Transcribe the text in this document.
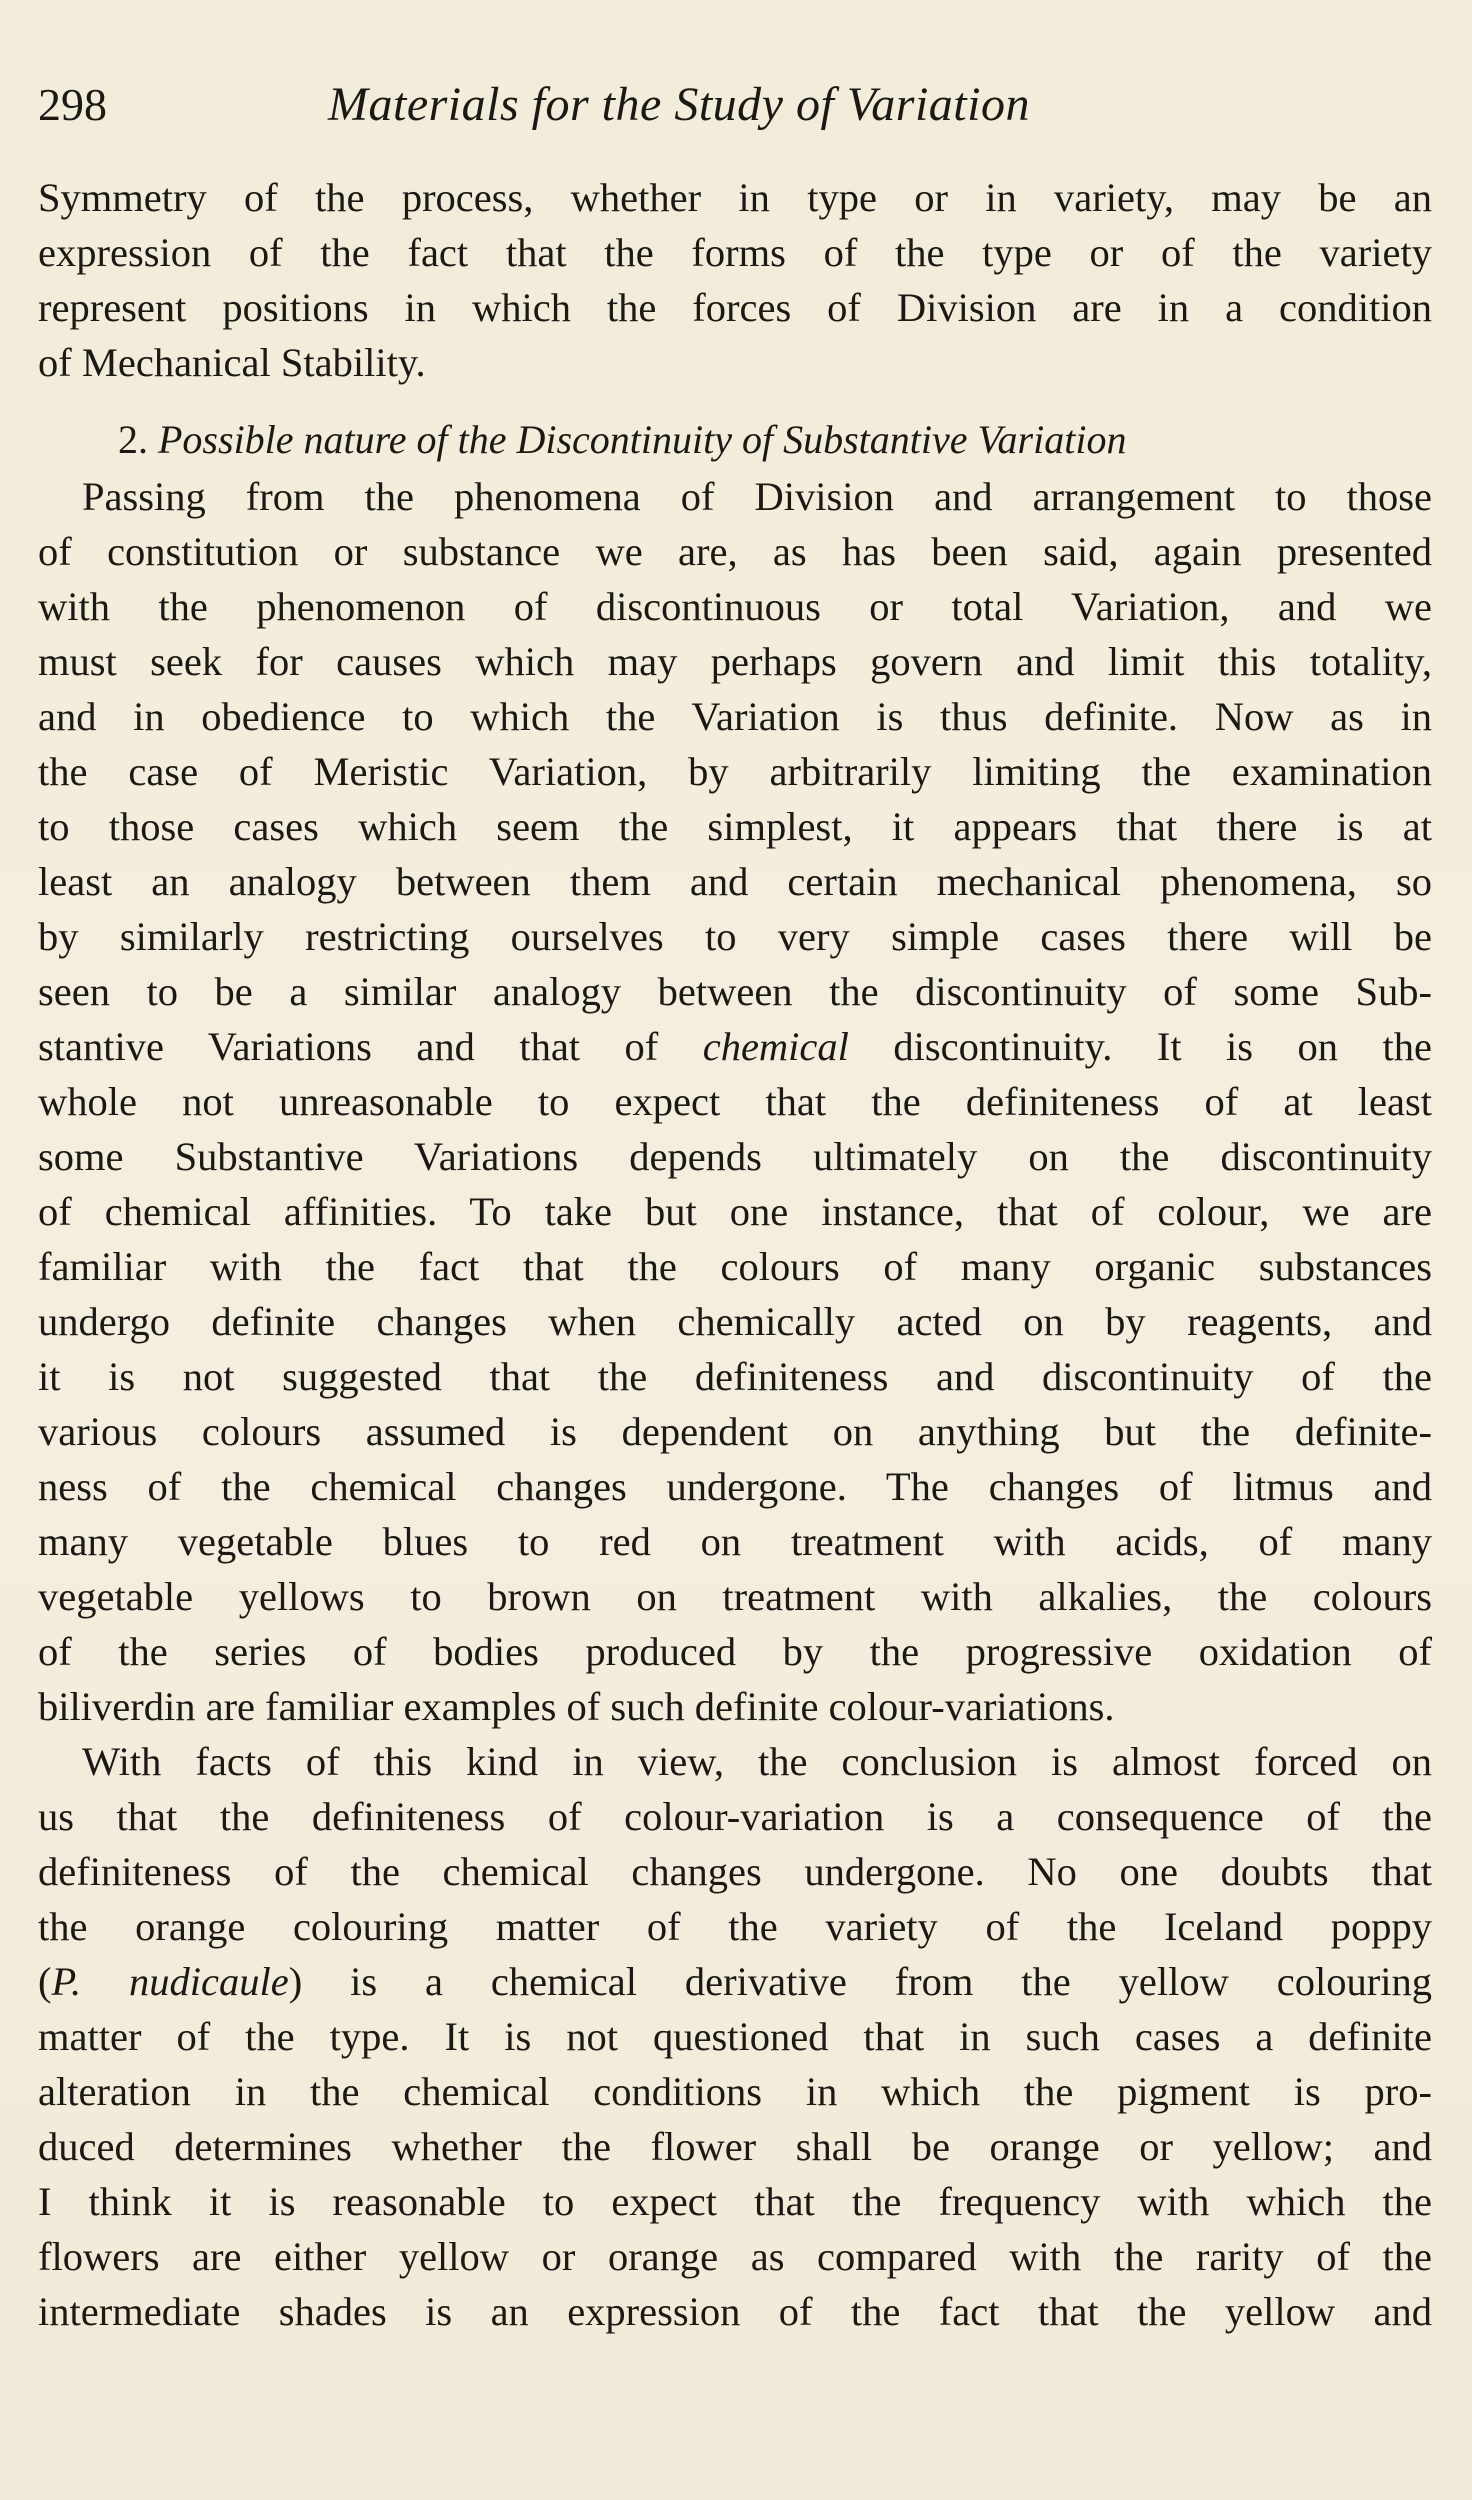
298	Materials for the Study of Variation
Symmetry of the process, whether in type or in variety, may be an
expression of the fact that the forms of the type or of the variety
represent positions in which the forces of Division are in a condition
of Mechanical Stability.
2. Possible nature of the Discontinuity of Substantive Variation
Passing from the phenomena of Division and arrangement to those
of constitution or substance we are, as has been said, again presented
with the phenomenon of discontinuous or total Variation, and we
must seek for causes which may perhaps govern and limit this totality,
and in obedience to which the Variation is thus definite. Now as in
the case of Meristic Variation, by arbitrarily limiting the examination
to those cases which seem the simplest, it appears that there is at
least an analogy between them and certain mechanical phenomena, so
by similarly restricting ourselves to very simple cases there will be
seen to be a similar analogy between the discontinuity of some Sub-
stantive Variations and that of chemical discontinuity. It is on the
whole not unreasonable to expect that the definiteness of at least
some Substantive Variations depends ultimately on the discontinuity
of chemical affinities. To take but one instance, that of colour, we are
familiar with the fact that the colours of many organic substances
undergo definite changes when chemically acted on by reagents, and
it is not suggested that the definiteness and discontinuity of the
various colours assumed is dependent on anything but the definite-
ness of the chemical changes undergone. The changes of litmus and
many vegetable blues to red on treatment with acids, of many
vegetable yellows to brown on treatment with alkalies, the colours
of the series of bodies produced by the progressive oxidation of
biliverdin are familiar examples of such definite colour-variations.
With facts of this kind in view, the conclusion is almost forced on
us that the definiteness of colour-variation is a consequence of the
definiteness of the chemical changes undergone. No one doubts that
the orange colouring matter of the variety of the Iceland poppy
(P. nudicaule) is a chemical derivative from the yellow colouring
matter of the type. It is not questioned that in such cases a definite
alteration in the chemical conditions in which the pigment is pro-
duced determines whether the flower shall be orange or yellow; and
I think it is reasonable to expect that the frequency with which the
flowers are either yellow or orange as compared with the rarity of the
intermediate shades is an expression of the fact that the yellow and
